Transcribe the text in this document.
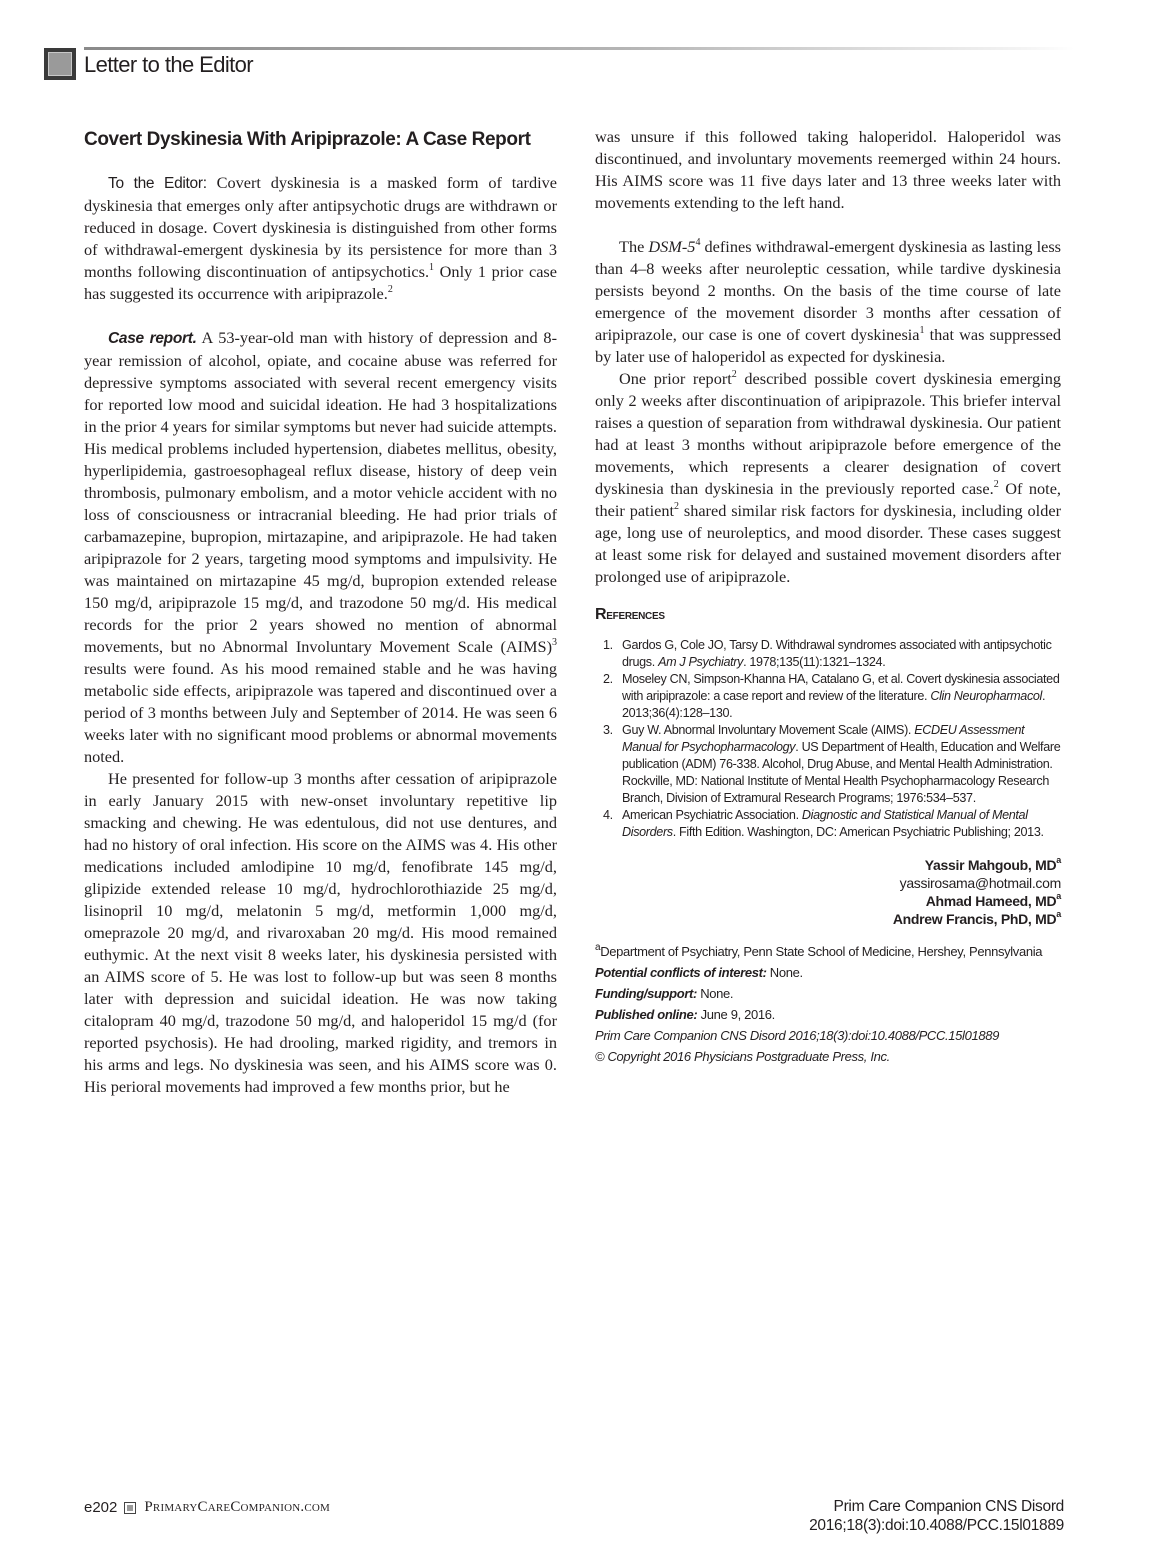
Letter to the Editor
Covert Dyskinesia With Aripiprazole: A Case Report

To the Editor: Covert dyskinesia is a masked form of tardive dyskinesia that emerges only after antipsychotic drugs are withdrawn or reduced in dosage. Covert dyskinesia is distinguished from other forms of withdrawal-emergent dyskinesia by its persistence for more than 3 months following discontinuation of antipsychotics.$^1$ Only 1 prior case has suggested its occurrence with aripiprazole.$^2$

Case report. A 53-year-old man with history of depression and 8-year remission of alcohol, opiate, and cocaine abuse was referred for depressive symptoms associated with several recent emergency visits for reported low mood and suicidal ideation. He had 3 hospitalizations in the prior 4 years for similar symptoms but never had suicide attempts. His medical problems included hypertension, diabetes mellitus, obesity, hyperlipidemia, gastroesophageal reflux disease, history of deep vein thrombosis, pulmonary embolism, and a motor vehicle accident with no loss of consciousness or intracranial bleeding. He had prior trials of carbamazepine, bupropion, mirtazapine, and aripiprazole. He had taken aripiprazole for 2 years, targeting mood symptoms and impulsivity. He was maintained on mirtazapine 45 mg/d, bupropion extended release 150 mg/d, aripiprazole 15 mg/d, and trazodone 50 mg/d. His medical records for the prior 2 years showed no mention of abnormal movements, but no Abnormal Involuntary Movement Scale (AIMS)$^3$ results were found. As his mood remained stable and he was having metabolic side effects, aripiprazole was tapered and discontinued over a period of 3 months between July and September of 2014. He was seen 6 weeks later with no significant mood problems or abnormal movements noted.

He presented for follow-up 3 months after cessation of aripiprazole in early January 2015 with new-onset involuntary repetitive lip smacking and chewing. He was edentulous, did not use dentures, and had no history of oral infection. His score on the AIMS was 4. His other medications included amlodipine 10 mg/d, fenofibrate 145 mg/d, glipizide extended release 10 mg/d, hydrochlorothiazide 25 mg/d, lisinopril 10 mg/d, melatonin 5 mg/d, metformin 1,000 mg/d, omeprazole 20 mg/d, and rivaroxaban 20 mg/d. His mood remained euthymic. At the next visit 8 weeks later, his dyskinesia persisted with an AIMS score of 5. He was lost to follow-up but was seen 8 months later with depression and suicidal ideation. He was now taking citalopram 40 mg/d, trazodone 50 mg/d, and haloperidol 15 mg/d (for reported psychosis). He had drooling, marked rigidity, and tremors in his arms and legs. No dyskinesia was seen, and his AIMS score was 0. His perioral movements had improved a few months prior, but he

was unsure if this followed taking haloperidol. Haloperidol was discontinued, and involuntary movements reemerged within 24 hours. His AIMS score was 11 five days later and 13 three weeks later with movements extending to the left hand.

The DSM-$5^4$ defines withdrawal-emergent dyskinesia as lasting less than 4–8 weeks after neuroleptic cessation, while tardive dyskinesia persists beyond 2 months. On the basis of the time course of late emergence of the movement disorder 3 months after cessation of aripiprazole, our case is one of covert dyskinesia$^1$ that was suppressed by later use of haloperidol as expected for dyskinesia.

One prior report$^2$ described possible covert dyskinesia emerging only 2 weeks after discontinuation of aripiprazole. This briefer interval raises a question of separation from withdrawal dyskinesia. Our patient had at least 3 months without aripiprazole before emergence of the movements, which represents a clearer designation of covert dyskinesia than dyskinesia in the previously reported case.$^2$ Of note, their patient$^2$ shared similar risk factors for dyskinesia, including older age, long use of neuroleptics, and mood disorder. These cases suggest at least some risk for delayed and sustained movement disorders after prolonged use of aripiprazole.

References
1. Gardos G, Cole JO, Tarsy D. Withdrawal syndromes associated with antipsychotic drugs. Am J Psychiatry. 1978;135(11):1321–1324.
2. Moseley CN, Simpson-Khanna HA, Catalano G, et al. Covert dyskinesia associated with aripiprazole: a case report and review of the literature. Clin Neuropharmacol. 2013;36(4):128–130.
3. Guy W. Abnormal Involuntary Movement Scale (AIMS). ECDEU Assessment Manual for Psychopharmacology. US Department of Health, Education and Welfare publication (ADM) 76-338. Alcohol, Drug Abuse, and Mental Health Administration. Rockville, MD: National Institute of Mental Health Psychopharmacology Research Branch, Division of Extramural Research Programs; 1976:534–537.
4. American Psychiatric Association. Diagnostic and Statistical Manual of Mental Disorders. Fifth Edition. Washington, DC: American Psychiatric Publishing; 2013.
Yassir Mahgoub, $MD^a$
yassirosama@hotmail.com
Ahmad Hameed, $MD^a$
Andrew Francis, PhD, $MD^a$
$^a$Department of Psychiatry, Penn State School of Medicine, Hershey, Pennsylvania
Potential conflicts of interest: None.
Funding/support: None.
Published online: June 9, 2016.
Prim Care Companion CNS Disord 2016;18(3):doi:10.4088/PCC.15l01889
© Copyright 2016 Physicians Postgraduate Press, Inc.
e202 PrimaryCareCompanion.com	Prim Care Companion CNS Disord
2016;18(3):doi:10.4088/PCC.15l01889
